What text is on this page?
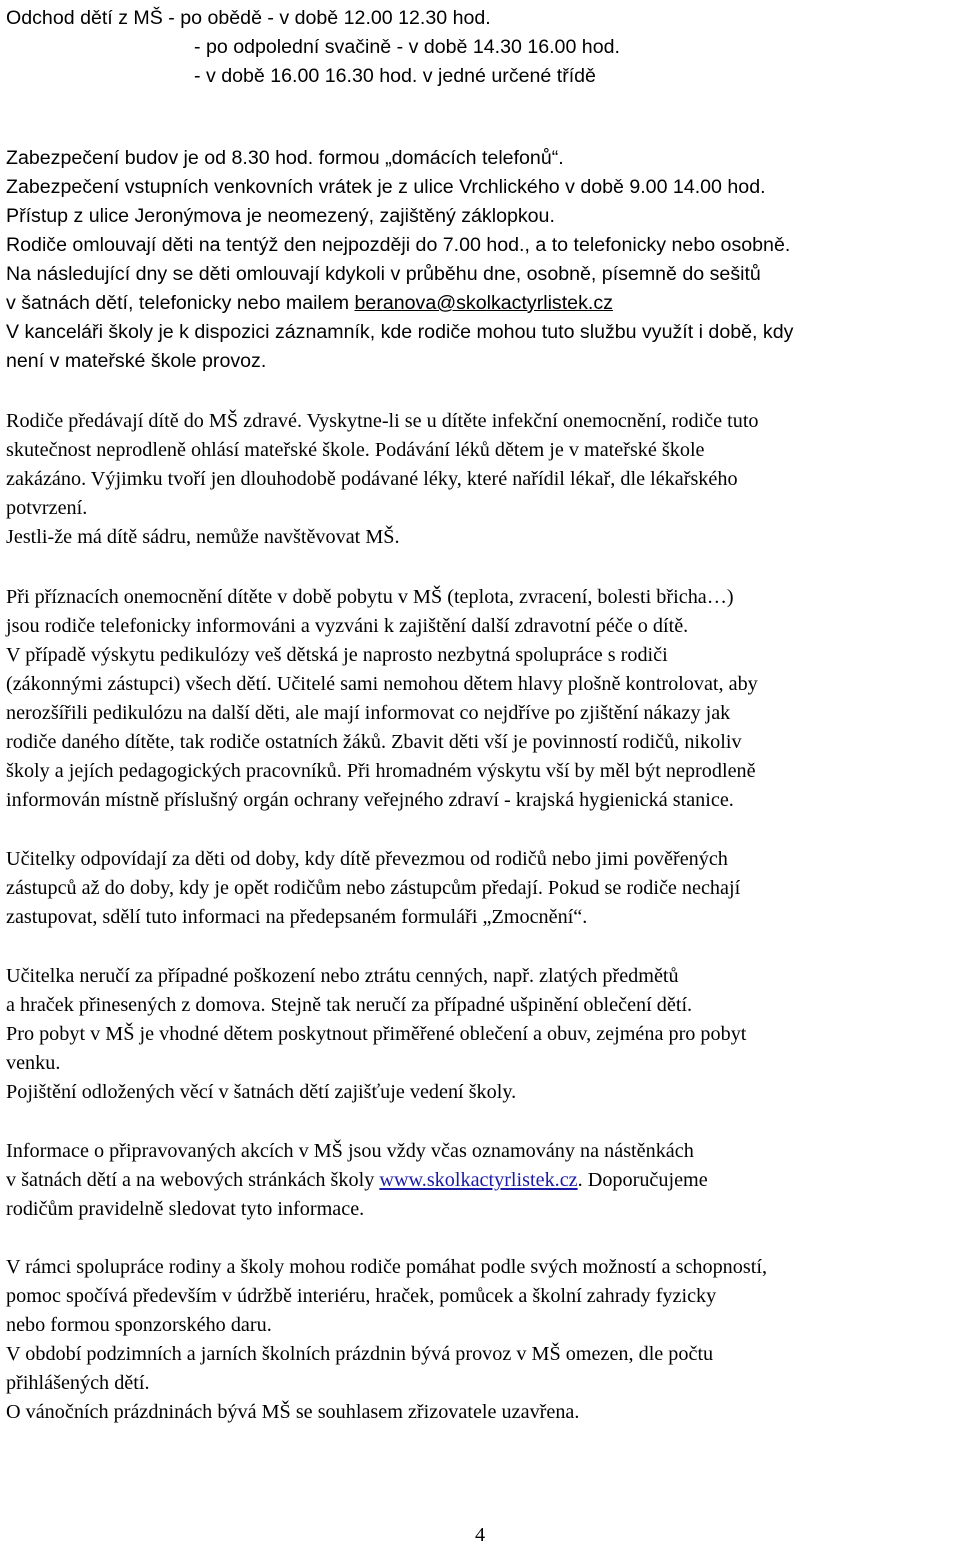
Odchod dětí z MŠ - po obědě - v době 12.00 12.30 hod.
- po odpolední svačině - v době 14.30 16.00 hod.
- v době 16.00 16.30 hod. v jedné určené třídě
Zabezpečení budov je od 8.30 hod. formou „domácích telefonů“.
Zabezpečení vstupních venkovních vrátek je z ulice Vrchlického v době 9.00 14.00 hod.
Přístup z ulice Jeronýmova je neomezený, zajištěný záklopkou.
Rodiče omlouvají děti na tentýž den nejpozději do 7.00 hod., a to telefonicky nebo osobně.
Na následující dny se děti omlouvají kdykoli v průběhu dne, osobně, písemně do sešitů
v šatnách dětí, telefonicky nebo mailem beranova@skolkactyrlistek.cz
V kanceláři školy je k dispozici záznamník, kde rodiče mohou tuto službu využít i době, kdy
není v mateřské škole provoz.
Rodiče předávají dítě do MŠ zdravé. Vyskytne-li se u dítěte infekční onemocnění, rodiče tuto
skutečnost neprodleně ohlásí mateřské škole. Podávání léků dětem je v mateřské škole
zakázáno. Výjimku tvoří jen dlouhodobě podávané léky, které nařídil lékař, dle lékařského
potvrzení.
Jestli-že má dítě sádru, nemůže navštěvovat MŠ.
Při příznacích onemocnění dítěte v době pobytu v MŠ (teplota, zvracení, bolesti břicha…)
jsou rodiče telefonicky informováni a vyzváni k zajištění další zdravotní péče o dítě.
V případě výskytu pedikulózy veš dětská je naprosto nezbytná spolupráce s rodiči
(zákonnými zástupci) všech dětí. Učitelé sami nemohou dětem hlavy plošně kontrolovat, aby
nerozšířili pedikulózu na další děti, ale mají informovat co nejdříve po zjištění nákazy jak
rodiče daného dítěte, tak rodiče ostatních žáků. Zbavit děti vší je povinností rodičů, nikoliv
školy a jejích pedagogických pracovníků. Při hromadném výskytu vší by měl být neprodleně
informován místně příslušný orgán ochrany veřejného zdraví - krajská hygienická stanice.
Učitelky odpovídají za děti od doby, kdy dítě převezmou od rodičů nebo jimi pověřených
zástupců až do doby, kdy je opět rodičům nebo zástupcům předají. Pokud se rodiče nechají
zastupovat, sdělí tuto informaci na předepsaném formuláři „Zmocnění“.
Učitelka neručí za případné poškození nebo ztrátu cenných, např. zlatých předmětů
a hraček přinesených z domova. Stejně tak neručí za případné ušpinění oblečení dětí.
Pro pobyt v MŠ je vhodné dětem poskytnout přiměřené oblečení a obuv, zejména pro pobyt
venku.
Pojištění odložených věcí v šatnách dětí zajišťuje vedení školy.
Informace o připravovaných akcích v MŠ jsou vždy včas oznamovány na nástěnkách
v šatnách dětí a na webových stránkách školy www.skolkactyrlistek.cz. Doporučujeme
rodičům pravidelně sledovat tyto informace.
V rámci spolupráce rodiny a školy mohou rodiče pomáhat podle svých možností a schopností,
pomoc spočívá především v údržbě interiéru, hraček, pomůcek a školní zahrady fyzicky
nebo formou sponzorského daru.
V období podzimních a jarních školních prázdnin bývá provoz v MŠ omezen, dle počtu
přihlášených dětí.
O vánočních prázdninách bývá MŠ se souhlasem zřizovatele uzavřena.
4
